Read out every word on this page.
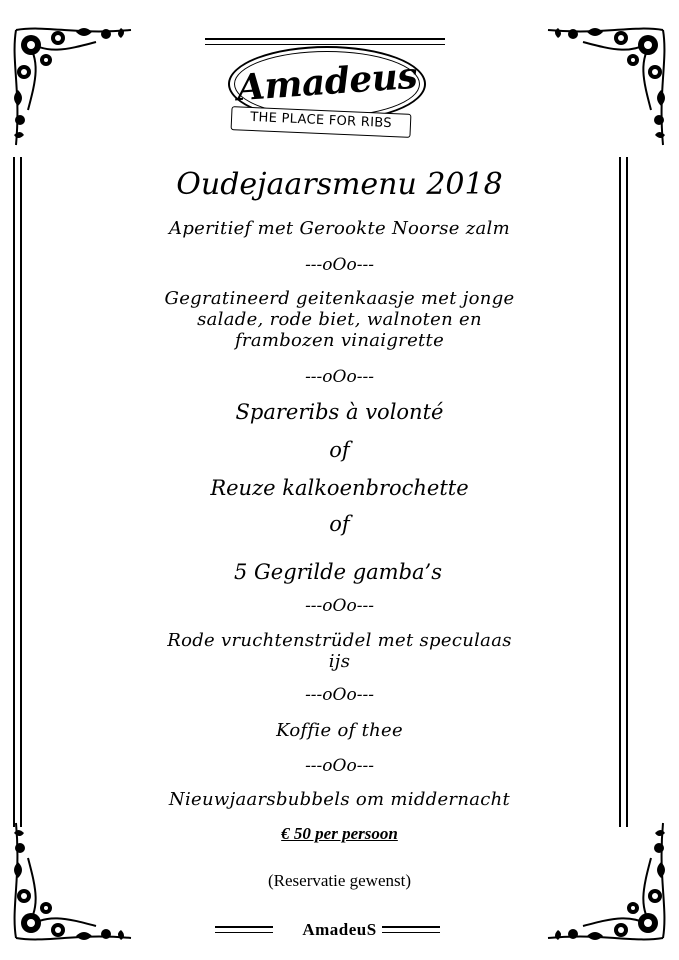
Amadeus
THE PLACE FOR RIBS
Oudejaarsmenu 2018
Aperitief met Gerookte Noorse zalm
---oOo---
Gegratineerd geitenkaasje met jonge
salade, rode biet, walnoten en
frambozen vinaigrette
---oOo---
Spareribs à volonté
of
Reuze kalkoenbrochette
of
5 Gegrilde gamba’s
---oOo---
Rode vruchtenstrüdel met speculaas
ijs
---oOo---
Koffie of thee
---oOo---
Nieuwjaarsbubbels om middernacht
€ 50 per persoon
(Reservatie gewenst)
AmadeuS
